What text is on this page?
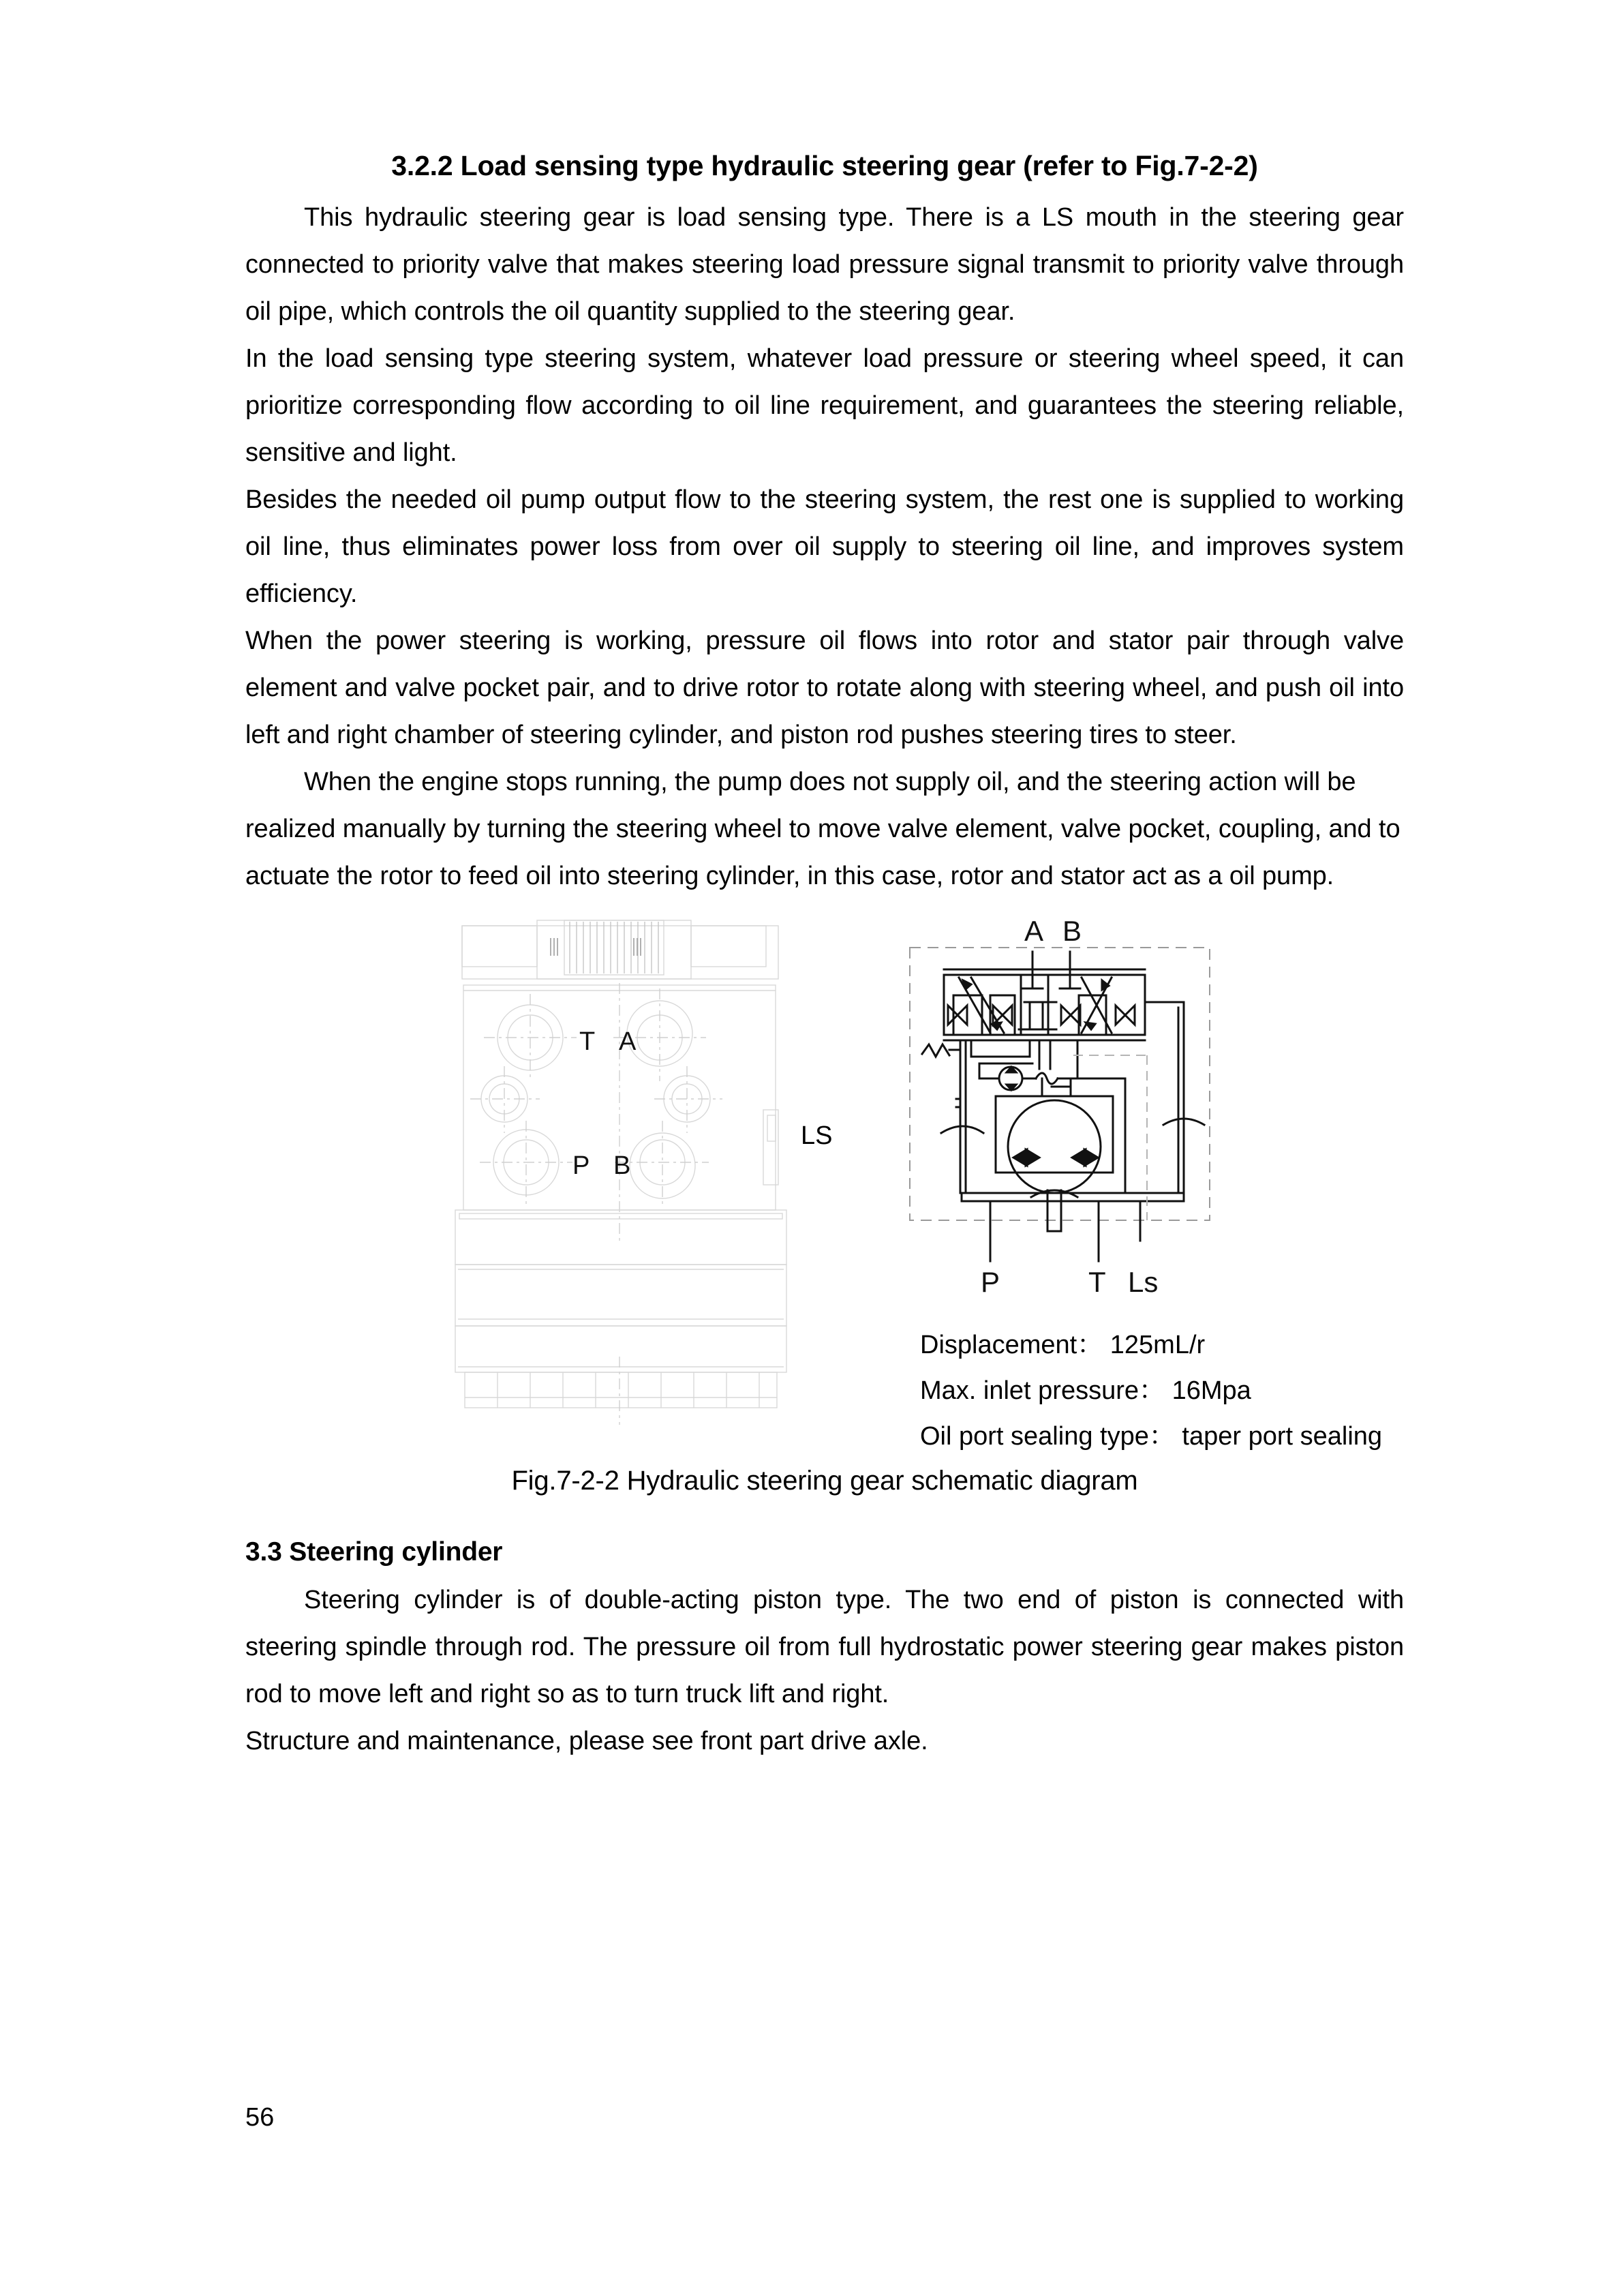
3.2.2 Load sensing type hydraulic steering gear (refer to Fig.7-2-2)

This hydraulic steering gear is load sensing type. There is a LS mouth in the steering gear connected to priority valve that makes steering load pressure signal transmit to priority valve through oil pipe, which controls the oil quantity supplied to the steering gear.

In the load sensing type steering system, whatever load pressure or steering wheel speed, it can prioritize corresponding flow according to oil line requirement, and guarantees the steering reliable, sensitive and light.

Besides the needed oil pump output flow to the steering system, the rest one is supplied to working oil line, thus eliminates power loss from over oil supply to steering oil line, and improves system efficiency.

When the power steering is working, pressure oil flows into rotor and stator pair through valve element and valve pocket pair, and to drive rotor to rotate along with steering wheel, and push oil into left and right chamber of steering cylinder, and piston rod pushes steering tires to steer.

When the engine stops running, the pump does not supply oil, and the steering action will be realized manually by turning the steering wheel to move valve element, valve pocket, coupling, and to actuate the rotor to feed oil into steering cylinder, in this case, rotor and stator act as a oil pump.

T A
P B
A B
P	T Ls
LS
Displacement： 125mL/r
Max. inlet pressure： 16Mpa
Oil port sealing type： taper port sealing
Fig.7-2-2 Hydraulic steering gear schematic diagram
3.3 Steering cylinder

Steering cylinder is of double-acting piston type. The two end of piston is connected with steering spindle through rod. The pressure oil from full hydrostatic power steering gear makes piston rod to move left and right so as to turn truck lift and right.

Structure and maintenance, please see front part drive axle.

56
